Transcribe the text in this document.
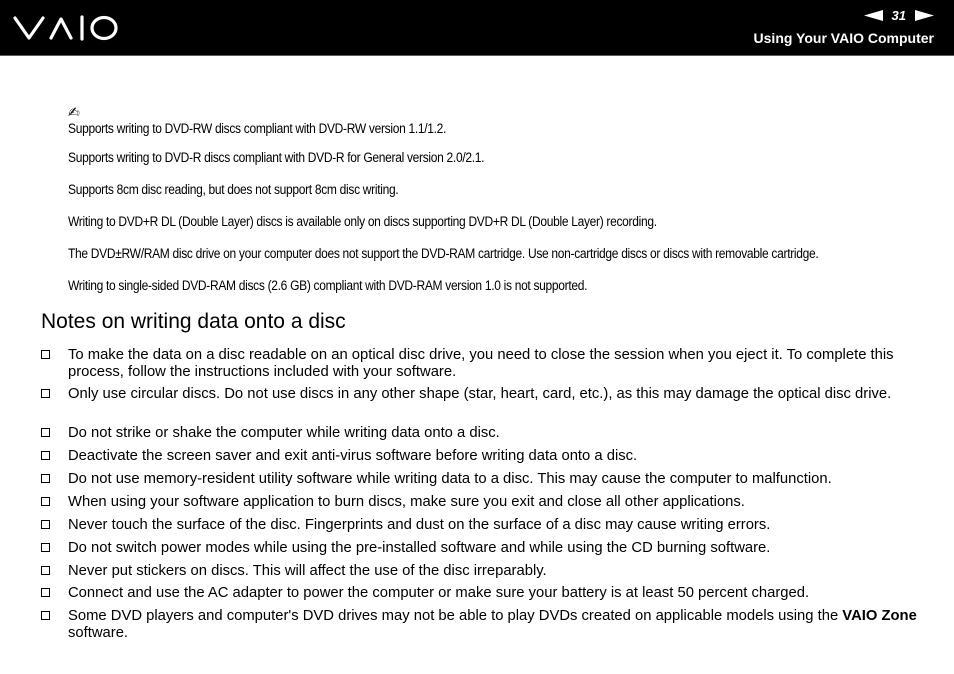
31
Using Your VAIO Computer
✍
Supports writing to DVD-RW discs compliant with DVD-RW version 1.1/1.2.
Supports writing to DVD-R discs compliant with DVD-R for General version 2.0/2.1.
Supports 8cm disc reading, but does not support 8cm disc writing.
Writing to DVD+R DL (Double Layer) discs is available only on discs supporting DVD+R DL (Double Layer) recording.
The DVD±RW/RAM disc drive on your computer does not support the DVD-RAM cartridge. Use non-cartridge discs or discs with removable cartridge.
Writing to single-sided DVD-RAM discs (2.6 GB) compliant with DVD-RAM version 1.0 is not supported.
Notes on writing data onto a disc
To make the data on a disc readable on an optical disc drive, you need to close the session when you eject it. To complete this process, follow the instructions included with your software.
Only use circular discs. Do not use discs in any other shape (star, heart, card, etc.), as this may damage the optical disc drive.
Do not strike or shake the computer while writing data onto a disc.
Deactivate the screen saver and exit anti-virus software before writing data onto a disc.
Do not use memory-resident utility software while writing data to a disc. This may cause the computer to malfunction.
When using your software application to burn discs, make sure you exit and close all other applications.
Never touch the surface of the disc. Fingerprints and dust on the surface of a disc may cause writing errors.
Do not switch power modes while using the pre-installed software and while using the CD burning software.
Never put stickers on discs. This will affect the use of the disc irreparably.
Connect and use the AC adapter to power the computer or make sure your battery is at least 50 percent charged.
Some DVD players and computer's DVD drives may not be able to play DVDs created on applicable models using the VAIO Zone software.
